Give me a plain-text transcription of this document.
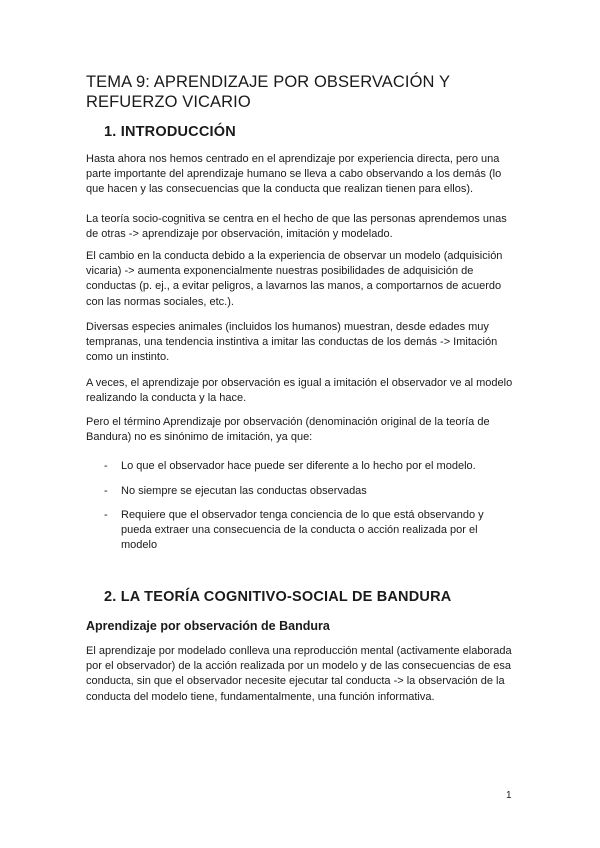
TEMA 9: APRENDIZAJE POR OBSERVACIÓN Y REFUERZO VICARIO
1. INTRODUCCIÓN
Hasta ahora nos hemos centrado en el aprendizaje por experiencia directa, pero una parte importante del aprendizaje humano se lleva a cabo observando a los demás (lo que hacen y las consecuencias que la conducta que realizan tienen para ellos).
La teoría socio-cognitiva se centra en el hecho de que las personas aprendemos unas de otras -> aprendizaje por observación, imitación y modelado.
El cambio en la conducta debido a la experiencia de observar un modelo (adquisición vicaria) -> aumenta exponencialmente nuestras posibilidades de adquisición de conductas (p. ej., a evitar peligros, a lavarnos las manos, a comportarnos de acuerdo con las normas sociales, etc.).
Diversas especies animales (incluidos los humanos) muestran, desde edades muy tempranas, una tendencia instintiva a imitar las conductas de los demás -> Imitación como un instinto.
A veces, el aprendizaje por observación es igual a imitación el observador ve al modelo realizando la conducta y la hace.
Pero el término Aprendizaje por observación (denominación original de la teoría de Bandura) no es sinónimo de imitación, ya que:
- Lo que el observador hace puede ser diferente a lo hecho por el modelo.
- No siempre se ejecutan las conductas observadas
- Requiere que el observador tenga conciencia de lo que está observando y pueda extraer una consecuencia de la conducta o acción realizada por el modelo
2. LA TEORÍA COGNITIVO-SOCIAL DE BANDURA
Aprendizaje por observación de Bandura
El aprendizaje por modelado conlleva una reproducción mental (activamente elaborada por el observador) de la acción realizada por un modelo y de las consecuencias de esa conducta, sin que el observador necesite ejecutar tal conducta -> la observación de la conducta del modelo tiene, fundamentalmente, una función informativa.
1
